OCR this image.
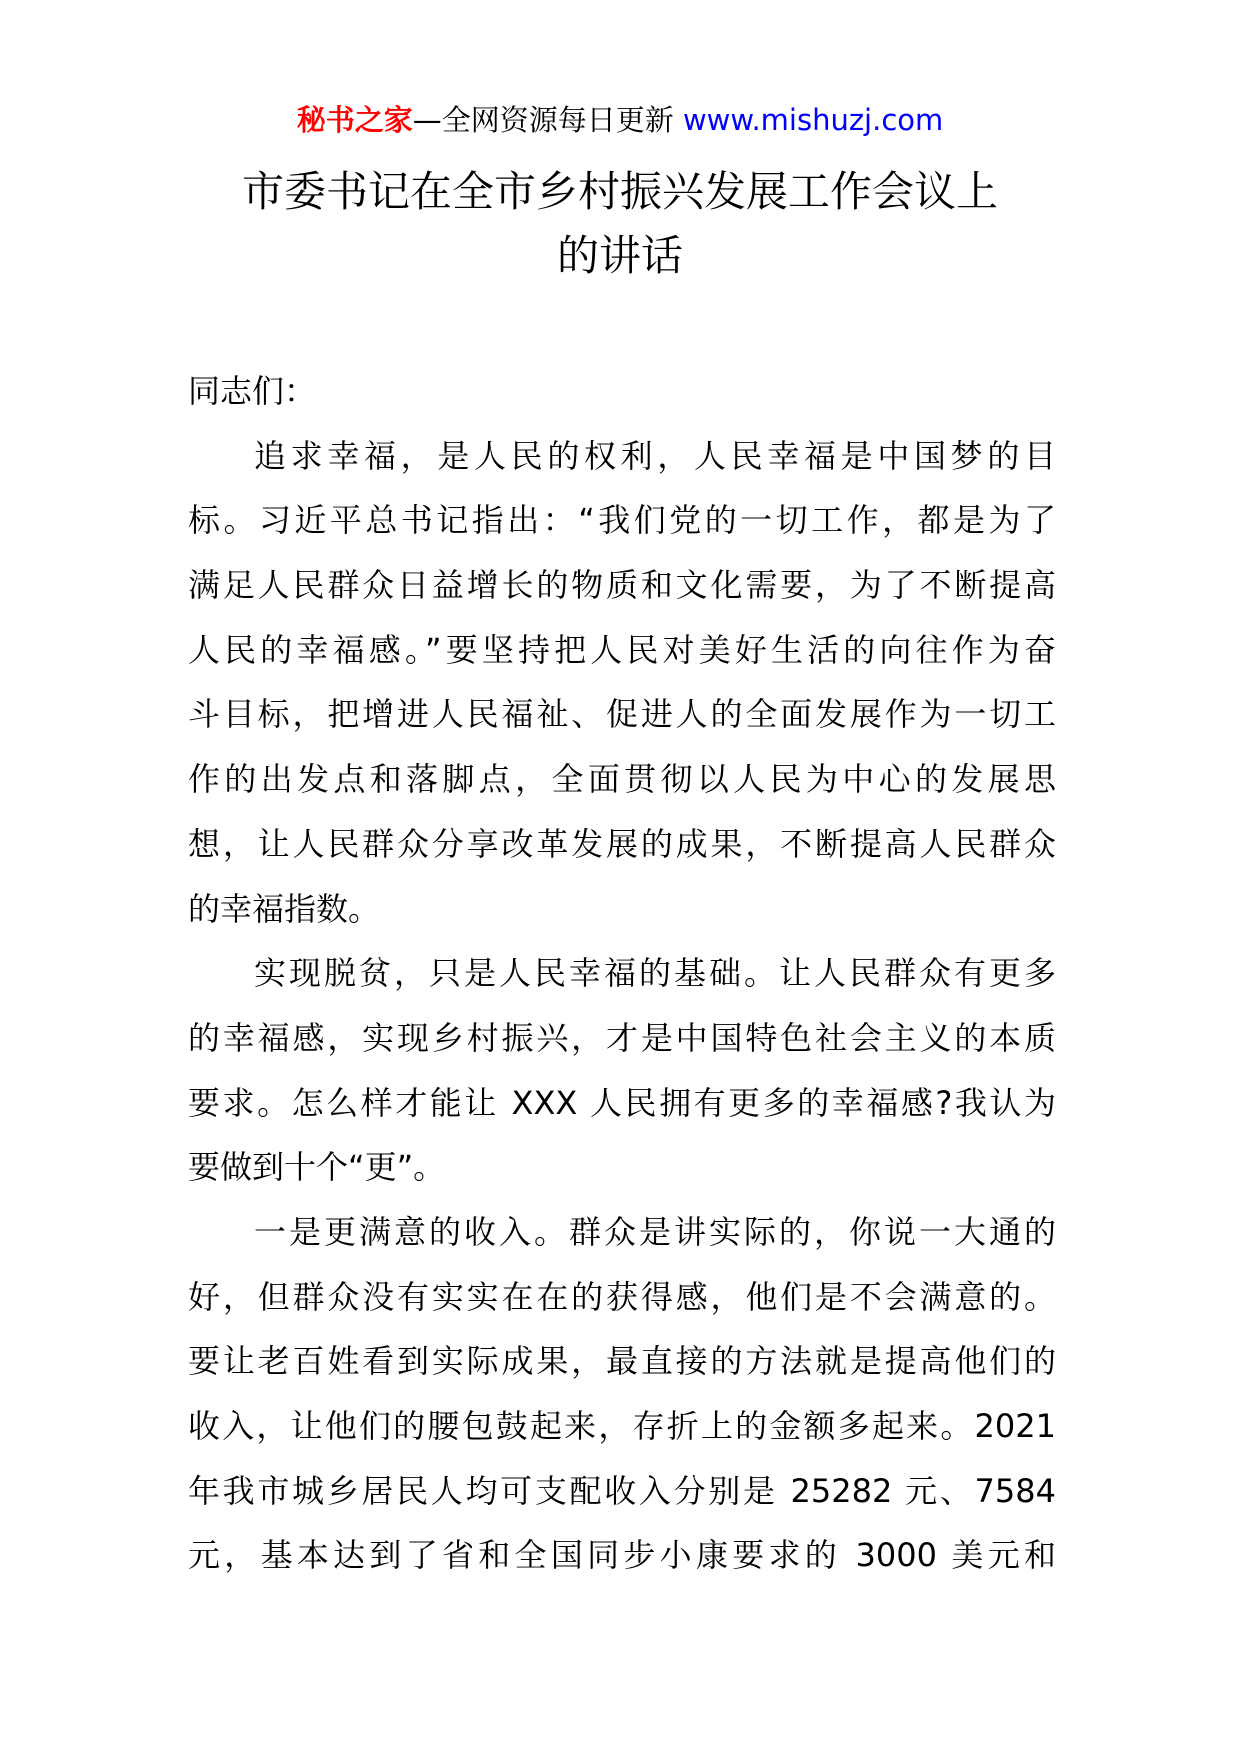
秘书之家—全网资源每日更新 www.mishuzj.com
市委书记在全市乡村振兴发展工作会议上
的讲话
同志们：
追求幸福，是人民的权利，人民幸福是中国梦的目
标。习近平总书记指出：“我们党的一切工作，都是为了
满足人民群众日益增长的物质和文化需要，为了不断提高
人民的幸福感。”要坚持把人民对美好生活的向往作为奋
斗目标，把增进人民福祉、促进人的全面发展作为一切工
作的出发点和落脚点，全面贯彻以人民为中心的发展思
想，让人民群众分享改革发展的成果，不断提高人民群众
的幸福指数。
实现脱贫，只是人民幸福的基础。让人民群众有更多
的幸福感，实现乡村振兴，才是中国特色社会主义的本质
要求。怎么样才能让 XXX 人民拥有更多的幸福感?我认为
要做到十个“更”。
一是更满意的收入。群众是讲实际的，你说一大通的
好，但群众没有实实在在的获得感，他们是不会满意的。
要让老百姓看到实际成果，最直接的方法就是提高他们的
收入，让他们的腰包鼓起来，存折上的金额多起来。2021
年我市城乡居民人均可支配收入分别是 25282 元、7584
元，基本达到了省和全国同步小康要求的 3000 美元和
